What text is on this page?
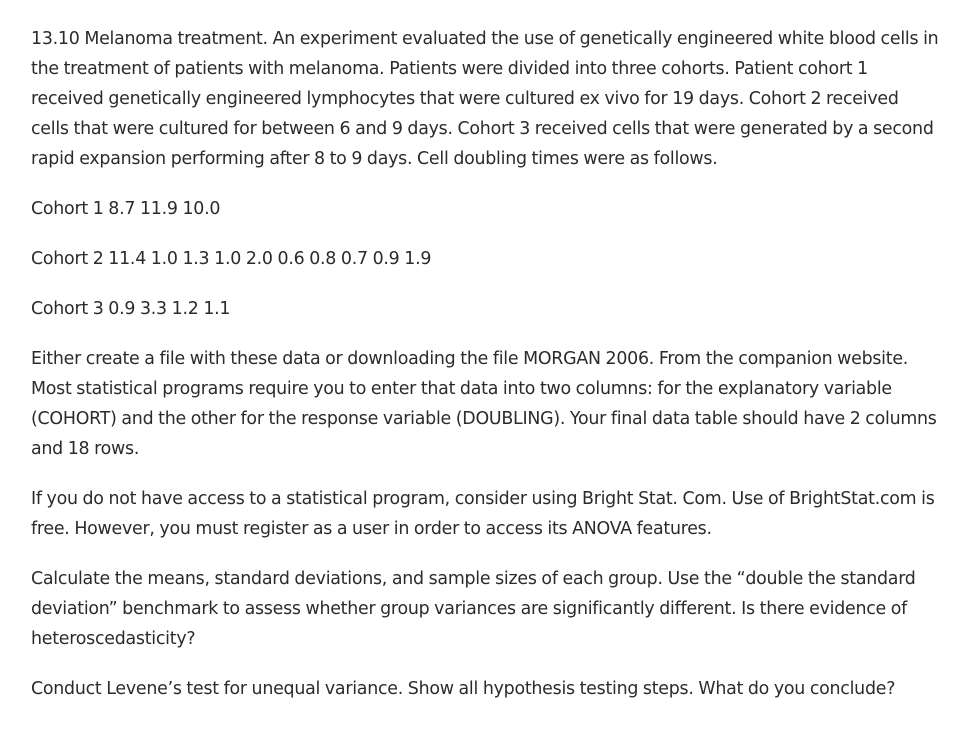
13.10 Melanoma treatment. An experiment evaluated the use of genetically engineered white blood cells in the treatment of patients with melanoma. Patients were divided into three cohorts. Patient cohort 1 received genetically engineered lymphocytes that were cultured ex vivo for 19 days. Cohort 2 received cells that were cultured for between 6 and 9 days. Cohort 3 received cells that were generated by a second rapid expansion performing after 8 to 9 days. Cell doubling times were as follows.

Cohort 1 8.7 11.9 10.0

Cohort 2 11.4 1.0 1.3 1.0 2.0 0.6 0.8 0.7 0.9 1.9

Cohort 3 0.9 3.3 1.2 1.1

Either create a file with these data or downloading the file MORGAN 2006. From the companion website. Most statistical programs require you to enter that data into two columns: for the explanatory variable (COHORT) and the other for the response variable (DOUBLING). Your final data table should have 2 columns and 18 rows.

If you do not have access to a statistical program, consider using Bright Stat. Com. Use of BrightStat.com is free. However, you must register as a user in order to access its ANOVA features.

Calculate the means, standard deviations, and sample sizes of each group. Use the “double the standard deviation” benchmark to assess whether group variances are significantly different. Is there evidence of heteroscedasticity?

Conduct Levene’s test for unequal variance. Show all hypothesis testing steps. What do you conclude?
